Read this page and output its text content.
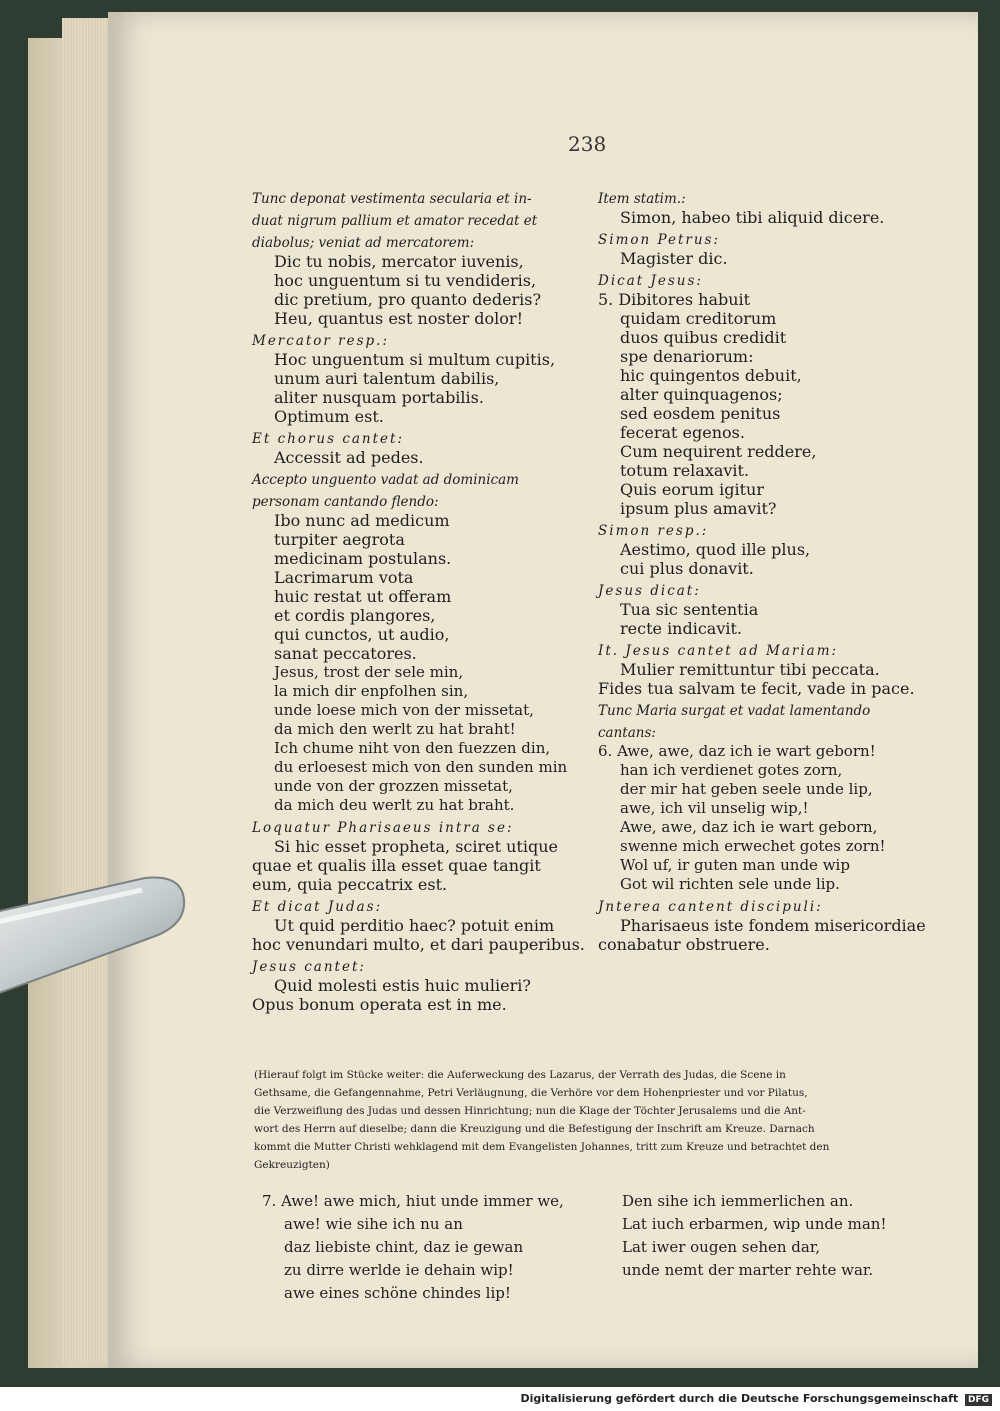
238
Tunc deponat vestimenta secularia et in-
duat nigrum pallium et amator recedat et
diabolus; veniat ad mercatorem:
Dic tu nobis, mercator iuvenis,
hoc unguentum si tu vendideris,
dic pretium, pro quanto dederis?
Heu, quantus est noster dolor!
Mercator resp.:
Hoc unguentum si multum cupitis,
unum auri talentum dabilis,
aliter nusquam portabilis.
Optimum est.
Et chorus cantet:
Accessit ad pedes.
Accepto unguento vadat ad dominicam
personam cantando flendo:
Ibo nunc ad medicum
turpiter aegrota
medicinam postulans.
Lacrimarum vota
huic restat ut offeram
et cordis plangores,
qui cunctos, ut audio,
sanat peccatores.
Jesus, trost der sele min,
la mich dir enpfolhen sin,
unde loese mich von der missetat,
da mich den werlt zu hat braht!
Ich chume niht von den fuezzen din,
du erloesest mich von den sunden min
unde von der grozzen missetat,
da mich deu werlt zu hat braht.
Loquatur Pharisaeus intra se:
Si hic esset propheta, sciret utique
quae et qualis illa esset quae tangit
eum, quia peccatrix est.
Et dicat Judas:
Ut quid perditio haec? potuit enim
hoc venundari multo, et dari pauperibus.
Jesus cantet:
Quid molesti estis huic mulieri?
Opus bonum operata est in me.
Item statim.:
Simon, habeo tibi aliquid dicere.
Simon Petrus:
Magister dic.
Dicat Jesus:
5. Dibitores habuit
quidam creditorum
duos quibus credidit
spe denariorum:
hic quingentos debuit,
alter quinquagenos;
sed eosdem penitus
fecerat egenos.
Cum nequirent reddere,
totum relaxavit.
Quis eorum igitur
ipsum plus amavit?
Simon resp.:
Aestimo, quod ille plus,
cui plus donavit.
Jesus dicat:
Tua sic sententia
recte indicavit.
It. Jesus cantet ad Mariam:
Mulier remittuntur tibi peccata.
Fides tua salvam te fecit, vade in pace.
Tunc Maria surgat et vadat lamentando
cantans:
6. Awe, awe, daz ich ie wart geborn!
han ich verdienet gotes zorn,
der mir hat geben seele unde lip,
awe, ich vil unselig wip,!
Awe, awe, daz ich ie wart geborn,
swenne mich erwechet gotes zorn!
Wol uf, ir guten man unde wip
Got wil richten sele unde lip.
Jnterea cantent discipuli:
Pharisaeus iste fondem misericordiae
conabatur obstruere.
(Hierauf folgt im Stücke weiter: die Auferweckung des Lazarus, der Verrath des Judas, die Scene in
Gethsame, die Gefangennahme, Petri Verläugnung, die Verhöre vor dem Hohenpriester und vor Pilatus,
die Verzweiflung des Judas und dessen Hinrichtung; nun die Klage der Töchter Jerusalems und die Ant-
wort des Herrn auf dieselbe; dann die Kreuzigung und die Befestigung der Inschrift am Kreuze. Darnach
kommt die Mutter Christi wehklagend mit dem Evangelisten Johannes, tritt zum Kreuze und betrachtet den
Gekreuzigten)
7. Awe! awe mich, hiut unde immer we,
awe! wie sihe ich nu an
daz liebiste chint, daz ie gewan
zu dirre werlde ie dehain wip!
awe eines schöne chindes lip!
Den sihe ich iemmerlichen an.
Lat iuch erbarmen, wip unde man!
Lat iwer ougen sehen dar,
unde nemt der marter rehte war.
Digitalisierung gefördert durch die Deutsche Forschungsgemeinschaft DFG
